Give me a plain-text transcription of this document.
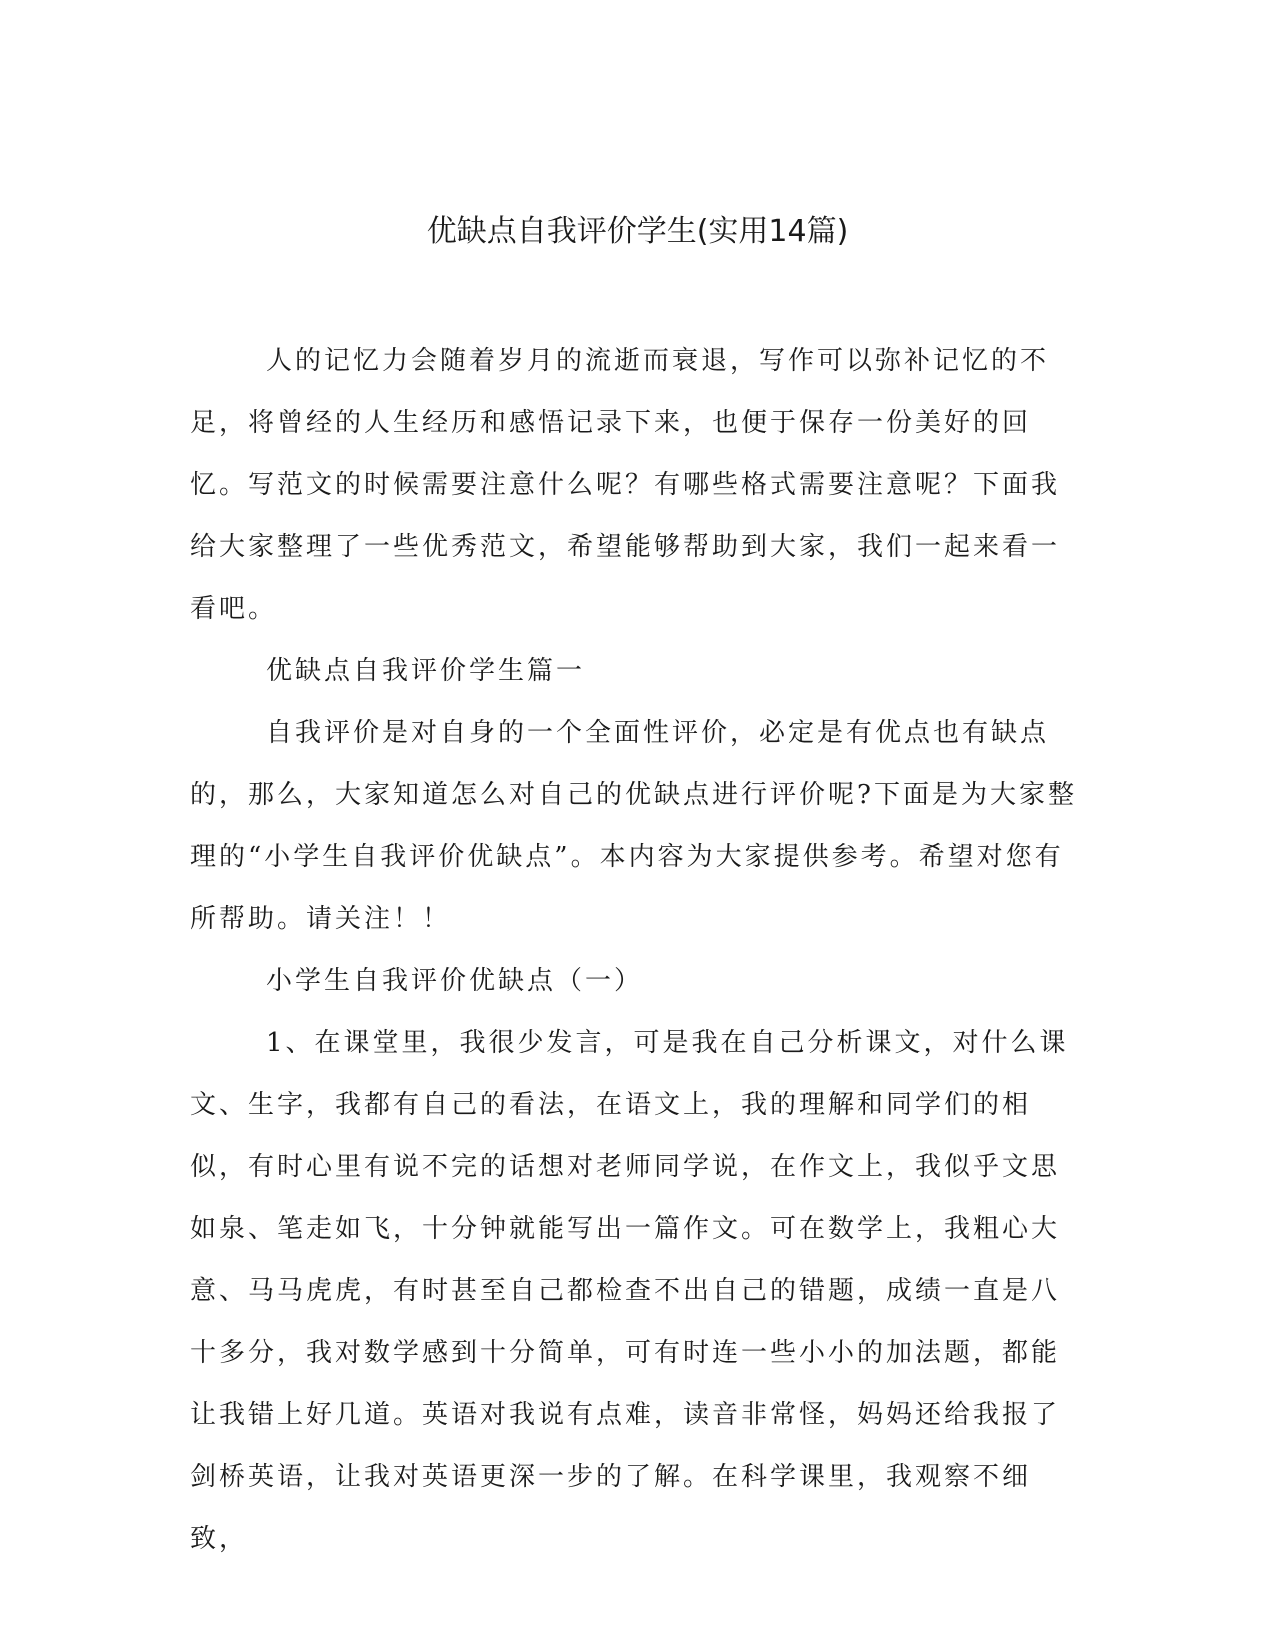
优缺点自我评价学生(实用14篇)

人的记忆力会随着岁月的流逝而衰退，写作可以弥补记忆的不足，将曾经的人生经历和感悟记录下来，也便于保存一份美好的回忆。写范文的时候需要注意什么呢？有哪些格式需要注意呢？下面我给大家整理了一些优秀范文，希望能够帮助到大家，我们一起来看一看吧。

优缺点自我评价学生篇一

自我评价是对自身的一个全面性评价，必定是有优点也有缺点的，那么，大家知道怎么对自己的优缺点进行评价呢?下面是为大家整理的“小学生自我评价优缺点”。本内容为大家提供参考。希望对您有所帮助。请关注！！

小学生自我评价优缺点（一）

1、在课堂里，我很少发言，可是我在自己分析课文，对什么课文、生字，我都有自己的看法，在语文上，我的理解和同学们的相似，有时心里有说不完的话想对老师同学说，在作文上，我似乎文思如泉、笔走如飞，十分钟就能写出一篇作文。可在数学上，我粗心大意、马马虎虎，有时甚至自己都检查不出自己的错题，成绩一直是八十多分，我对数学感到十分简单，可有时连一些小小的加法题，都能让我错上好几道。英语对我说有点难，读音非常怪，妈妈还给我报了剑桥英语，让我对英语更深一步的了解。在科学课里，我观察不细致，
